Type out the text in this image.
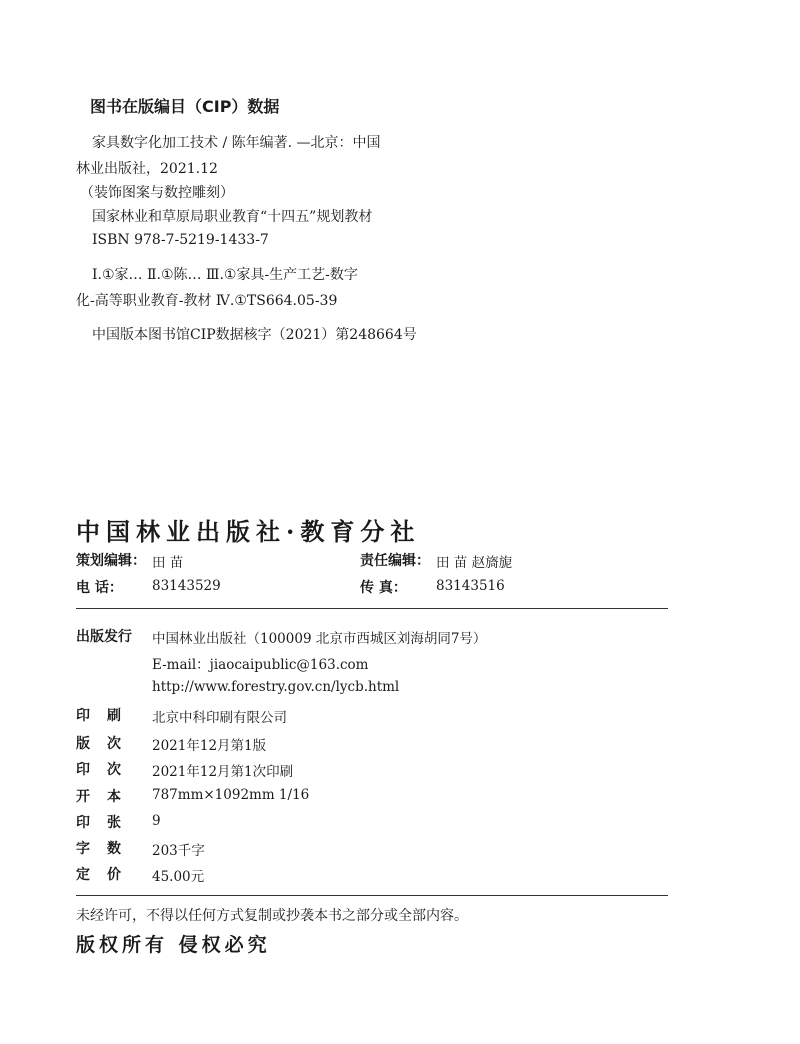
图书在版编目（CIP）数据
家具数字化加工技术 / 陈年编著. —北京：中国
林业出版社，2021.12
（装饰图案与数控雕刻）
国家林业和草原局职业教育“十四五”规划教材
ISBN 978-7-5219-1433-7
Ⅰ.①家… Ⅱ.①陈… Ⅲ.①家具-生产工艺-数字
化-高等职业教育-教材 Ⅳ.①TS664.05-39
中国版本图书馆CIP数据核字（2021）第248664号
中国林业出版社·教育分社
策划编辑： 田 苗	责任编辑： 田 苗 赵旖旎
电 话： 83143529	传 真： 83143516
出版发行 中国林业出版社（100009 北京市西城区刘海胡同7号）
E-mail：jiaocaipublic@163.com
http://www.forestry.gov.cn/lycb.html
印刷 北京中科印刷有限公司
版次 2021年12月第1版
印次 2021年12月第1次印刷
开本 787mm×1092mm 1/16
印张 9
字数 203千字
定价 45.00元
未经许可，不得以任何方式复制或抄袭本书之部分或全部内容。
版权所有 侵权必究
